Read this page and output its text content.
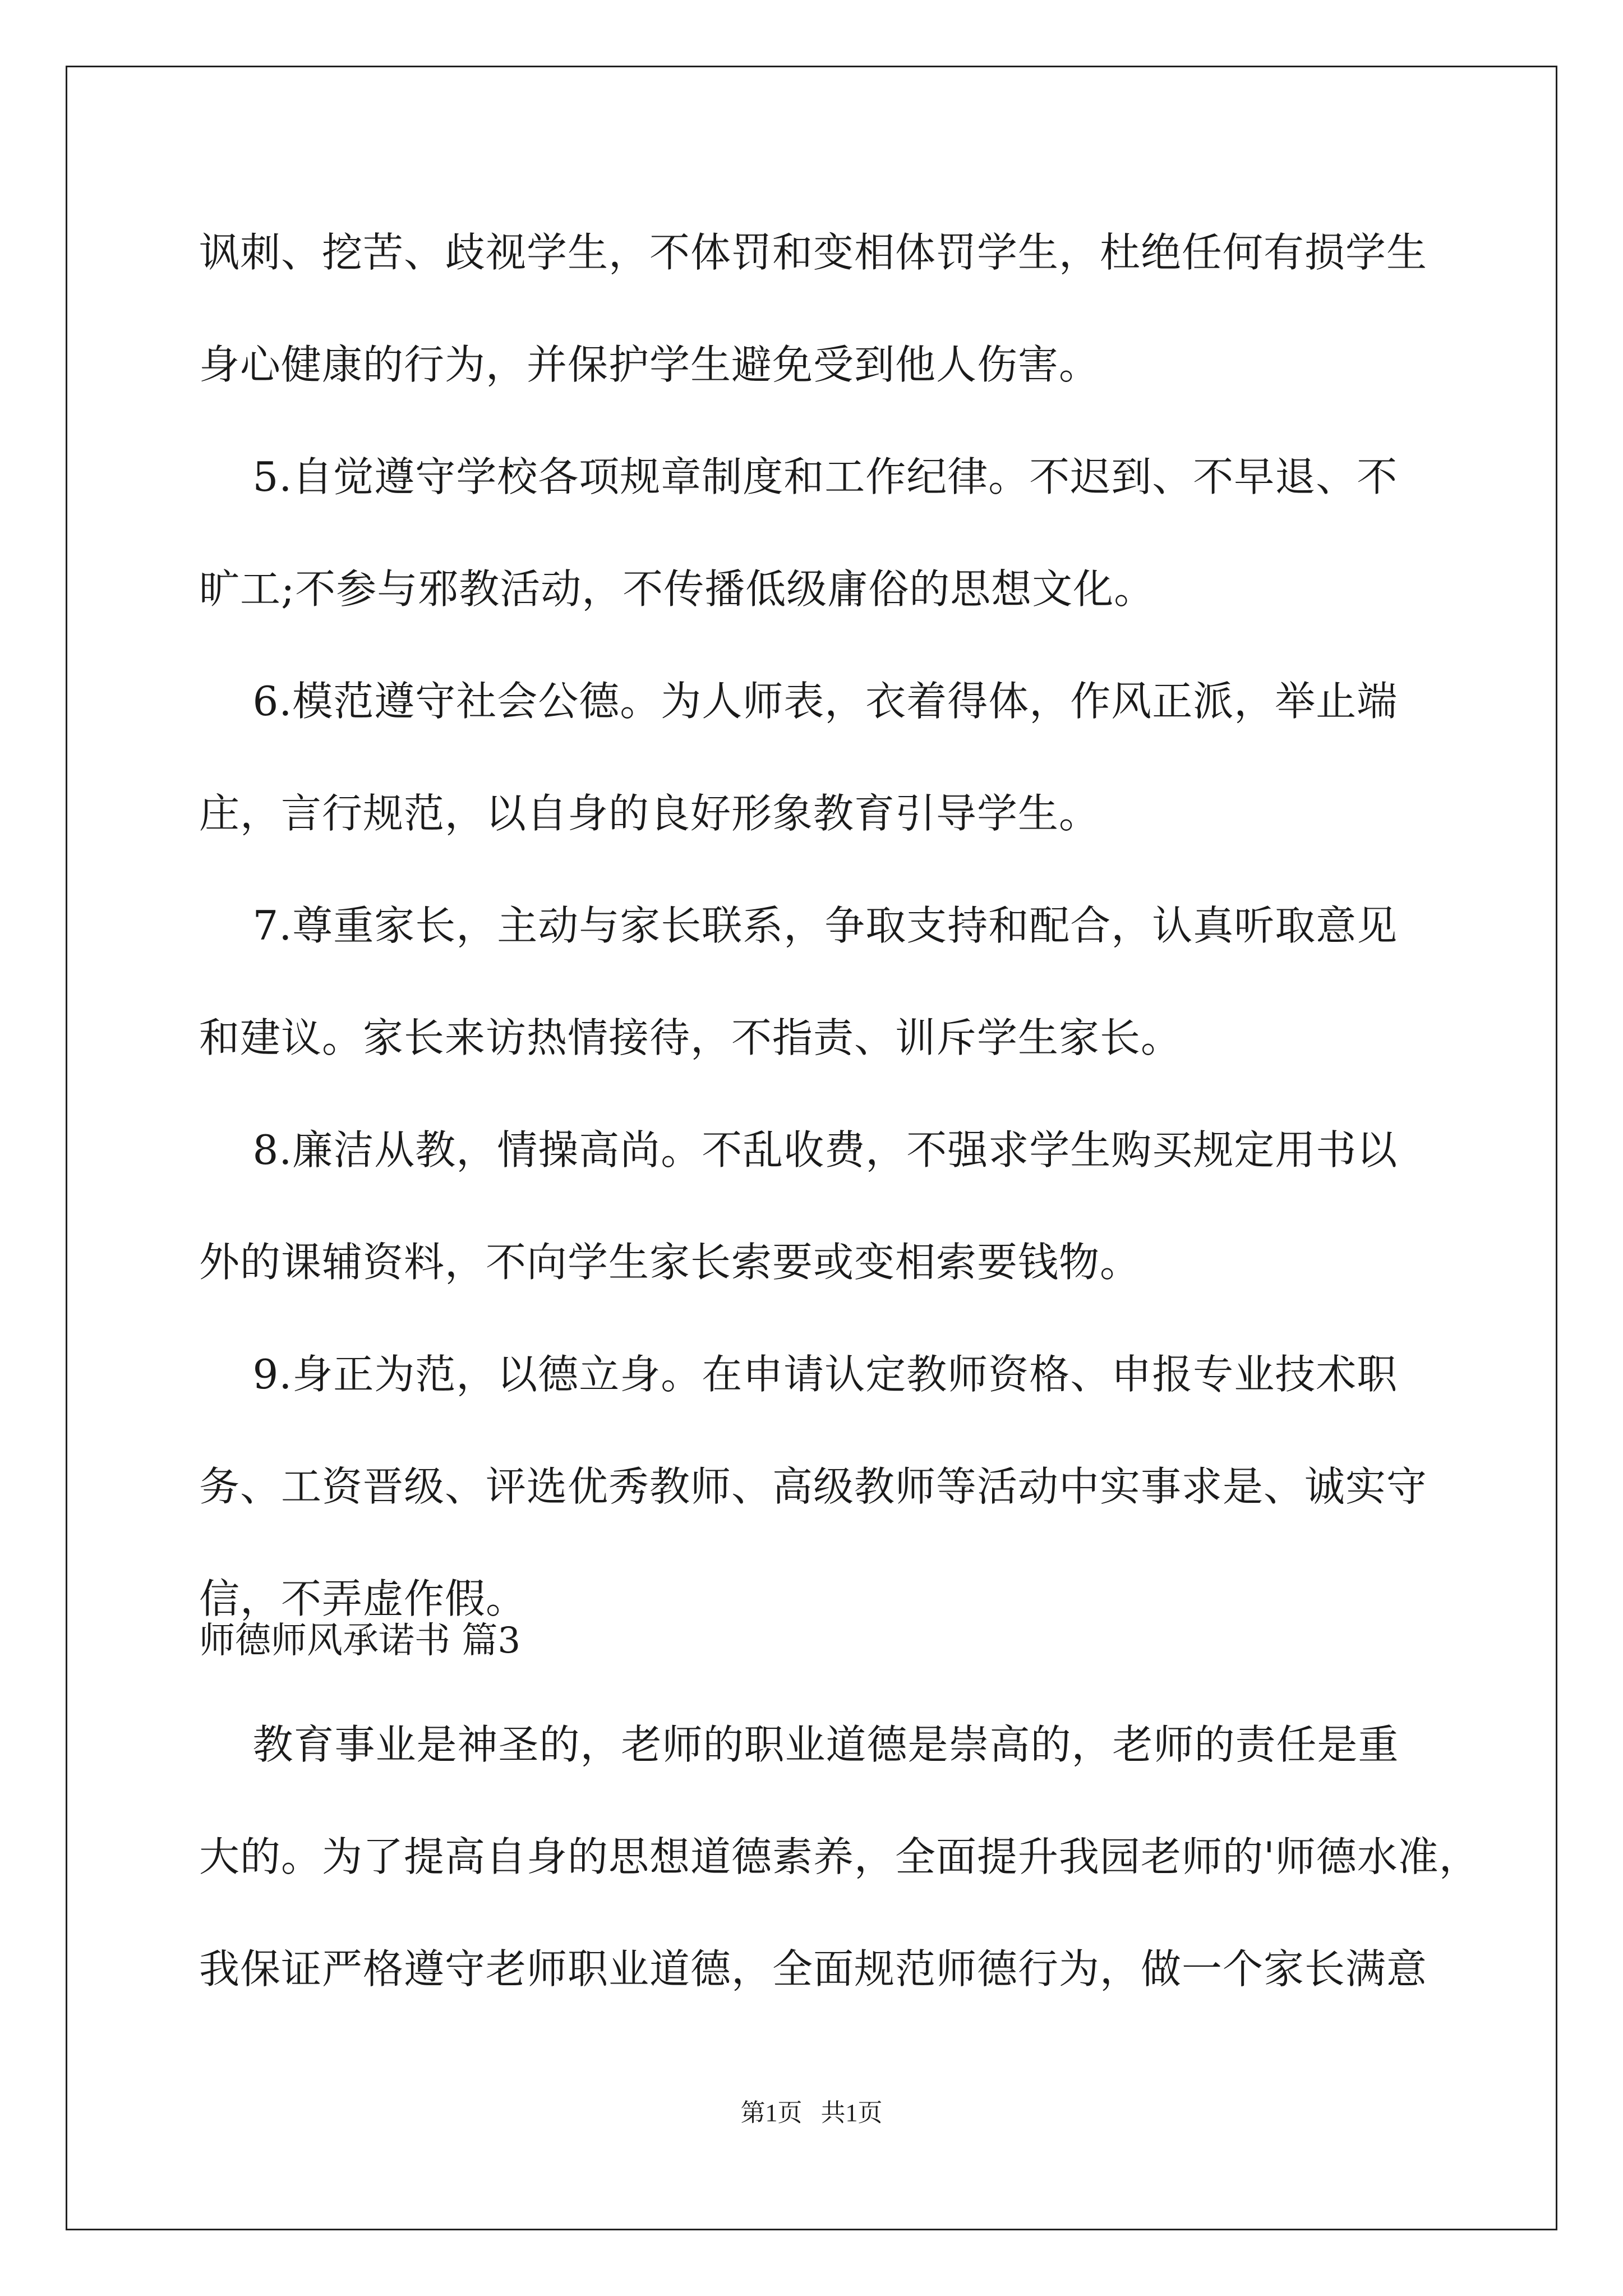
讽刺、挖苦、歧视学生，不体罚和变相体罚学生，杜绝任何有损学生
身心健康的行为，并保护学生避免受到他人伤害。
5.自觉遵守学校各项规章制度和工作纪律。不迟到、不早退、不
旷工;不参与邪教活动，不传播低级庸俗的思想文化。
6.模范遵守社会公德。为人师表，衣着得体，作风正派，举止端
庄，言行规范，以自身的良好形象教育引导学生。
7.尊重家长，主动与家长联系，争取支持和配合，认真听取意见
和建议。家长来访热情接待，不指责、训斥学生家长。
8.廉洁从教，情操高尚。不乱收费，不强求学生购买规定用书以
外的课辅资料，不向学生家长索要或变相索要钱物。
9.身正为范，以德立身。在申请认定教师资格、申报专业技术职
务、工资晋级、评选优秀教师、高级教师等活动中实事求是、诚实守
信，不弄虚作假。
师德师风承诺书 篇3
教育事业是神圣的，老师的职业道德是崇高的，老师的责任是重
大的。为了提高自身的思想道德素养，全面提升我园老师的'师德水准，
我保证严格遵守老师职业道德，全面规范师德行为，做一个家长满意
第1页   共1页
